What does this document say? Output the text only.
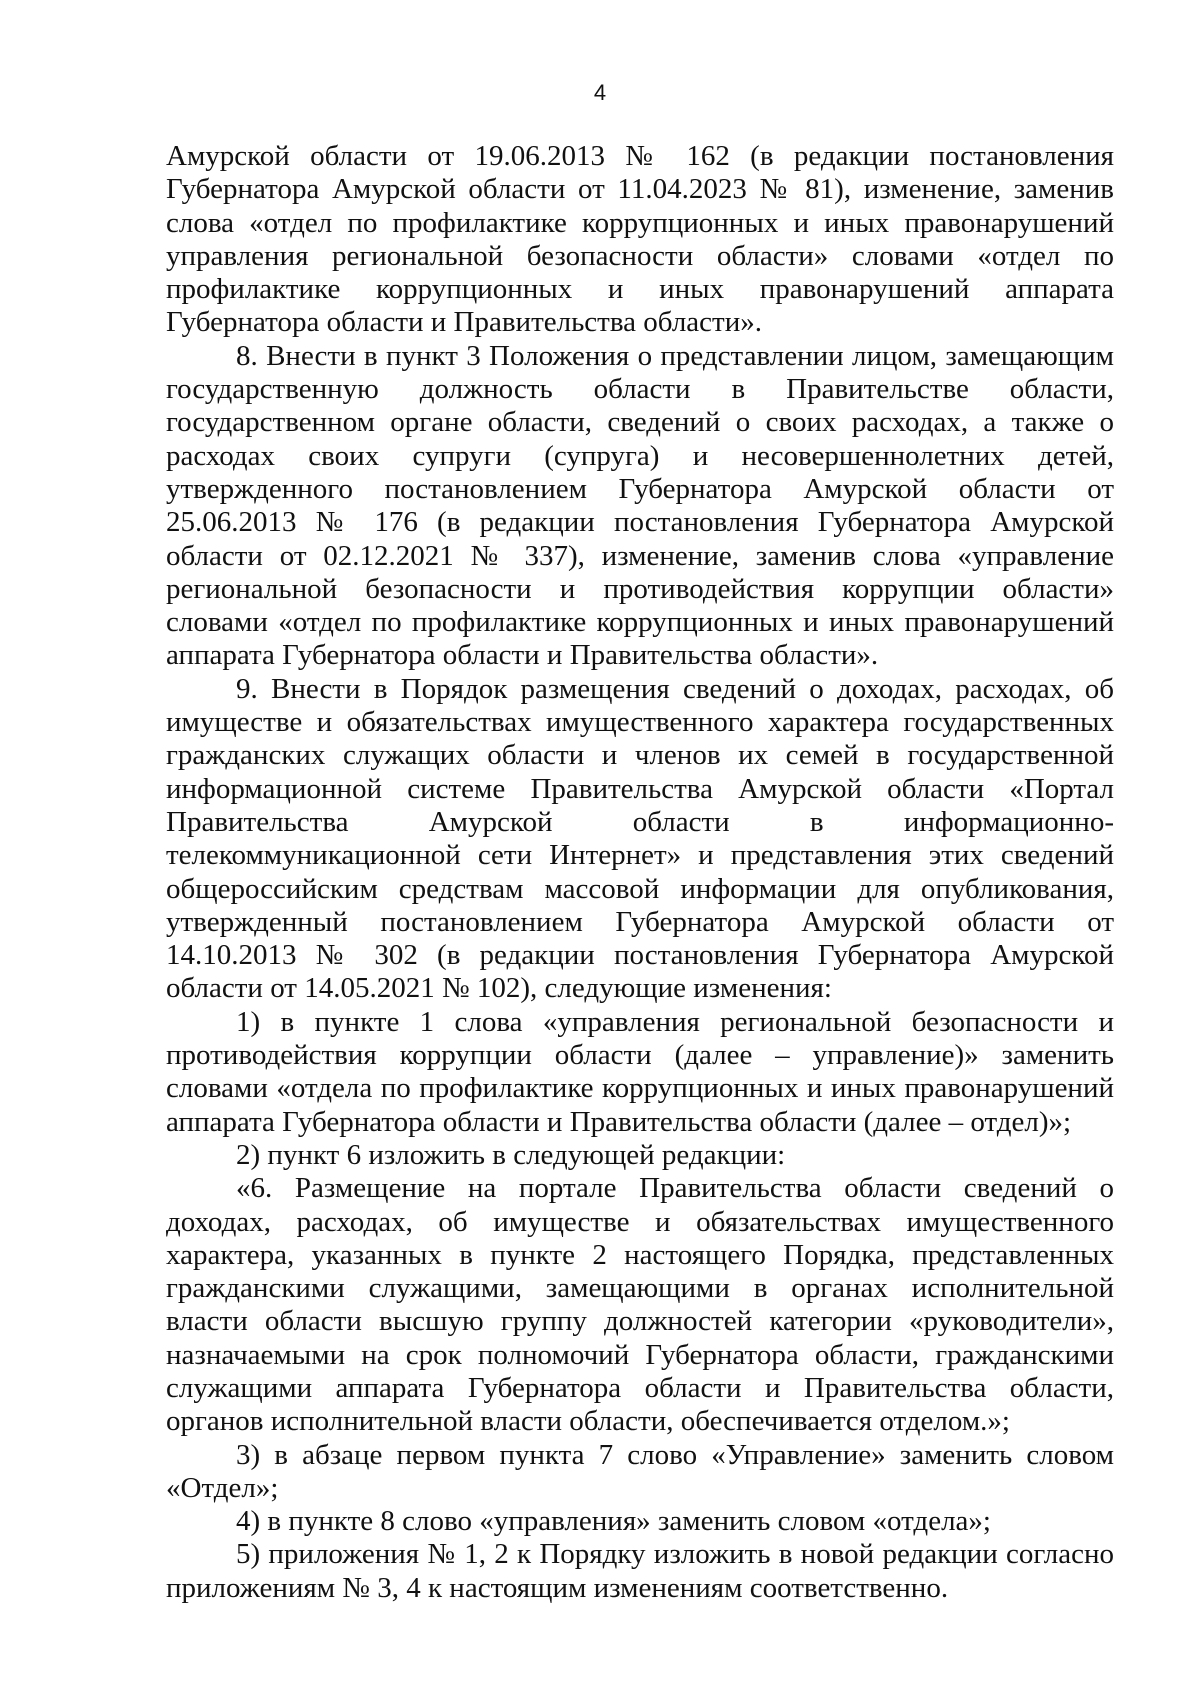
4

Амурской области от 19.06.2013 № 162 (в редакции постановления Губернатора Амурской области от 11.04.2023 № 81), изменение, заменив слова «отдел по профилактике коррупционных и иных правонарушений управления региональной безопасности области» словами «отдел по профилактике коррупционных и иных правонарушений аппарата Губернатора области и Правительства области».

8. Внести в пункт 3 Положения о представлении лицом, замещающим государственную должность области в Правительстве области, государственном органе области, сведений о своих расходах, а также о расходах своих супруги (супруга) и несовершеннолетних детей, утвержденного постановлением Губернатора Амурской области от 25.06.2013 № 176 (в редакции постановления Губернатора Амурской области от 02.12.2021 № 337), изменение, заменив слова «управление региональной безопасности и противодействия коррупции области» словами «отдел по профилактике коррупционных и иных правонарушений аппарата Губернатора области и Правительства области».

9. Внести в Порядок размещения сведений о доходах, расходах, об имуществе и обязательствах имущественного характера государственных гражданских служащих области и членов их семей в государственной информационной системе Правительства Амурской области «Портал Правительства Амурской области в информационно-телекоммуникационной сети Интернет» и представления этих сведений общероссийским средствам массовой информации для опубликования, утвержденный постановлением Губернатора Амурской области от 14.10.2013 № 302 (в редакции постановления Губернатора Амурской области от 14.05.2021 № 102), следующие изменения:

1) в пункте 1 слова «управления региональной безопасности и противодействия коррупции области (далее – управление)» заменить словами «отдела по профилактике коррупционных и иных правонарушений аппарата Губернатора области и Правительства области (далее – отдел)»;

2) пункт 6 изложить в следующей редакции:

«6. Размещение на портале Правительства области сведений о доходах, расходах, об имуществе и обязательствах имущественного характера, указанных в пункте 2 настоящего Порядка, представленных гражданскими служащими, замещающими в органах исполнительной власти области высшую группу должностей категории «руководители», назначаемыми на срок полномочий Губернатора области, гражданскими служащими аппарата Губернатора области и Правительства области, органов исполнительной власти области, обеспечивается отделом.»;

3) в абзаце первом пункта 7 слово «Управление» заменить словом «Отдел»;

4) в пункте 8 слово «управления» заменить словом «отдела»;

5) приложения № 1, 2 к Порядку изложить в новой редакции согласно приложениям № 3, 4 к настоящим изменениям соответственно.
